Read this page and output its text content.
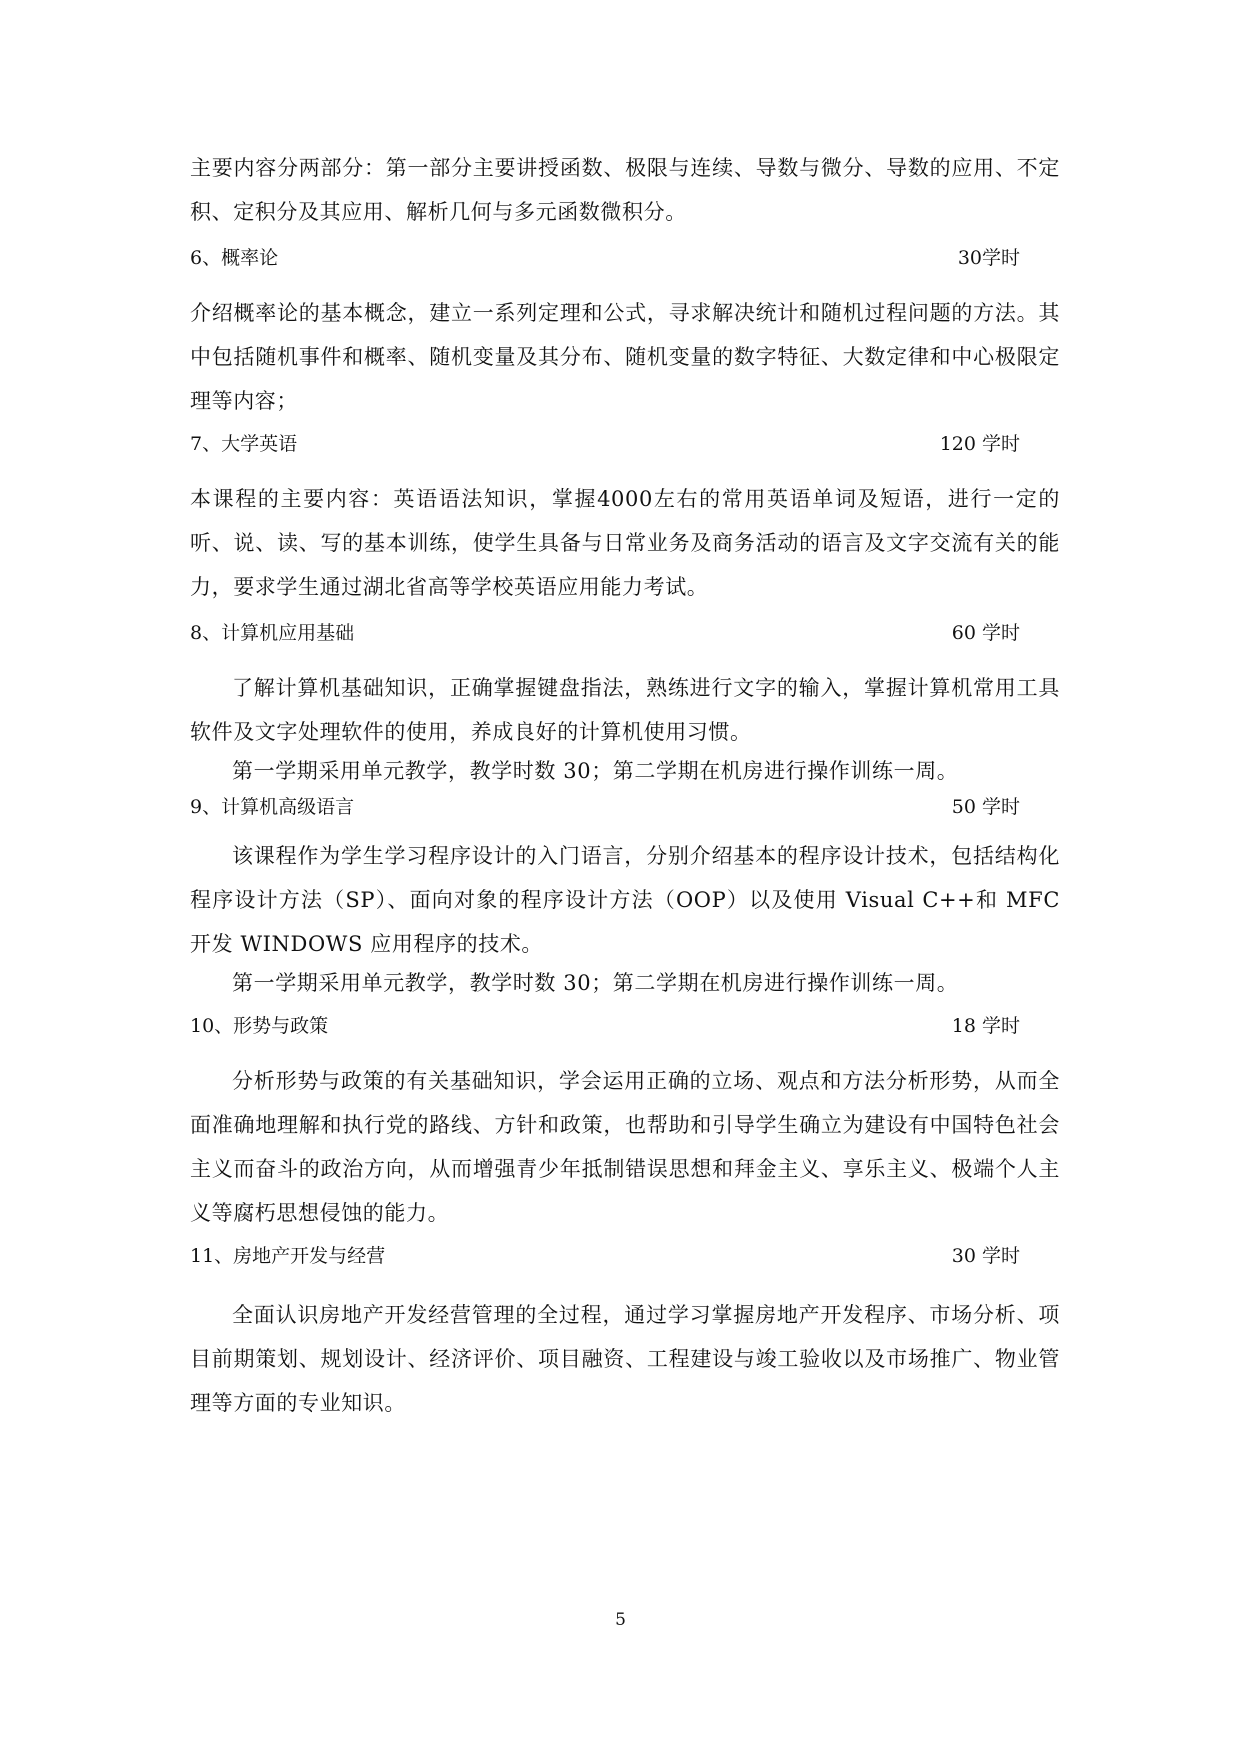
主要内容分两部分：第一部分主要讲授函数、极限与连续、导数与微分、导数的应用、不定积、定积分及其应用、解析几何与多元函数微积分。

6、概率论	30学时

介绍概率论的基本概念，建立一系列定理和公式，寻求解决统计和随机过程问题的方法。其中包括随机事件和概率、随机变量及其分布、随机变量的数字特征、大数定律和中心极限定理等内容；

7、大学英语	120 学时

本课程的主要内容：英语语法知识，掌握4000左右的常用英语单词及短语，进行一定的听、说、读、写的基本训练，使学生具备与日常业务及商务活动的语言及文字交流有关的能力，要求学生通过湖北省高等学校英语应用能力考试。

8、计算机应用基础	60 学时

了解计算机基础知识，正确掌握键盘指法，熟练进行文字的输入，掌握计算机常用工具软件及文字处理软件的使用，养成良好的计算机使用习惯。

第一学期采用单元教学，教学时数 30；第二学期在机房进行操作训练一周。

9、计算机高级语言	50 学时

该课程作为学生学习程序设计的入门语言，分别介绍基本的程序设计技术，包括结构化程序设计方法（SP）、面向对象的程序设计方法（OOP）以及使用 Visual C++和 MFC 开发 WINDOWS 应用程序的技术。

第一学期采用单元教学，教学时数 30；第二学期在机房进行操作训练一周。

10、形势与政策	18 学时

分析形势与政策的有关基础知识，学会运用正确的立场、观点和方法分析形势，从而全面准确地理解和执行党的路线、方针和政策，也帮助和引导学生确立为建设有中国特色社会主义而奋斗的政治方向，从而增强青少年抵制错误思想和拜金主义、享乐主义、极端个人主义等腐朽思想侵蚀的能力。

11、房地产开发与经营	30 学时

全面认识房地产开发经营管理的全过程，通过学习掌握房地产开发程序、市场分析、项目前期策划、规划设计、经济评价、项目融资、工程建设与竣工验收以及市场推广、物业管理等方面的专业知识。

5
